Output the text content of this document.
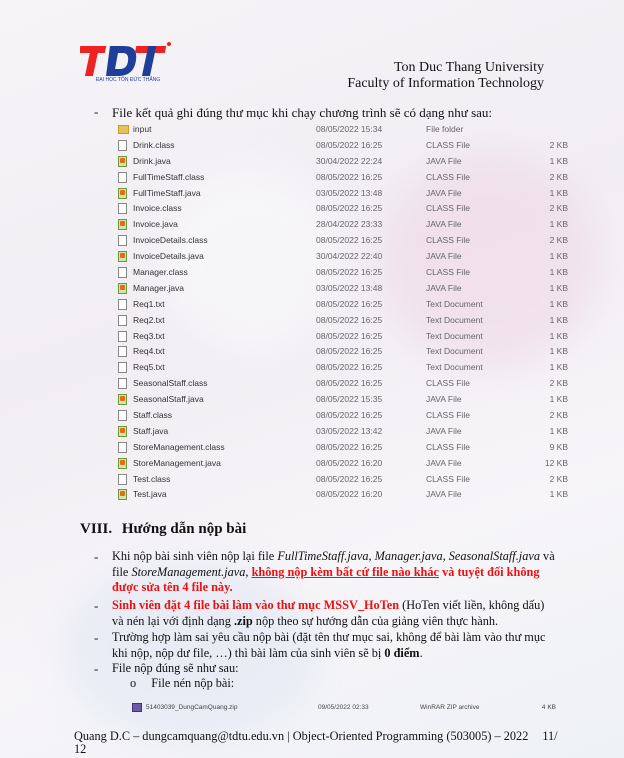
ĐẠI HỌC TÔN ĐỨC THẮNG
Ton Duc Thang University
Faculty of Information Technology
- File kết quả ghi đúng thư mục khi chạy chương trình sẽ có dạng như sau:
input	08/05/2022 15:34	File folder
Drink.class	08/05/2022 16:25	CLASS File	2 KB
Drink.java	30/04/2022 22:24	JAVA File	1 KB
FullTimeStaff.class	08/05/2022 16:25	CLASS File	2 KB
FullTimeStaff.java	03/05/2022 13:48	JAVA File	1 KB
Invoice.class	08/05/2022 16:25	CLASS File	2 KB
Invoice.java	28/04/2022 23:33	JAVA File	1 KB
InvoiceDetails.class	08/05/2022 16:25	CLASS File	2 KB
InvoiceDetails.java	30/04/2022 22:40	JAVA File	1 KB
Manager.class	08/05/2022 16:25	CLASS File	1 KB
Manager.java	03/05/2022 13:48	JAVA File	1 KB
Req1.txt	08/05/2022 16:25	Text Document	1 KB
Req2.txt	08/05/2022 16:25	Text Document	1 KB
Req3.txt	08/05/2022 16:25	Text Document	1 KB
Req4.txt	08/05/2022 16:25	Text Document	1 KB
Req5.txt	08/05/2022 16:25	Text Document	1 KB
SeasonalStaff.class	08/05/2022 16:25	CLASS File	2 KB
SeasonalStaff.java	08/05/2022 15:35	JAVA File	1 KB
Staff.class	08/05/2022 16:25	CLASS File	2 KB
Staff.java	03/05/2022 13:42	JAVA File	1 KB
StoreManagement.class	08/05/2022 16:25	CLASS File	9 KB
StoreManagement.java	08/05/2022 16:20	JAVA File	12 KB
Test.class	08/05/2022 16:25	CLASS File	2 KB
Test.java	08/05/2022 16:20	JAVA File	1 KB
VIII. Hướng dẫn nộp bài
- Khi nộp bài sinh viên nộp lại file FullTimeStaff.java, Manager.java, SeasonalStaff.java và file StoreManagement.java, không nộp kèm bất cứ file nào khác và tuyệt đối không được sửa tên 4 file này.
- Sinh viên đặt 4 file bài làm vào thư mục MSSV_HoTen (HoTen viết liền, không dấu) và nén lại với định dạng .zip nộp theo sự hướng dẫn của giảng viên thực hành.
- Trường hợp làm sai yêu cầu nộp bài (đặt tên thư mục sai, không để bài làm vào thư mục khi nộp, nộp dư file, …) thì bài làm của sinh viên sẽ bị 0 điểm.
- File nộp đúng sẽ như sau:
o File nén nộp bài:
51403039_DungCamQuang.zip	09/05/2022 02:33	WinRAR ZIP archive	4 KB
Quang D.C – dungcamquang@tdtu.edu.vn | Object-Oriented Programming (503005) – 2022 11/
12
